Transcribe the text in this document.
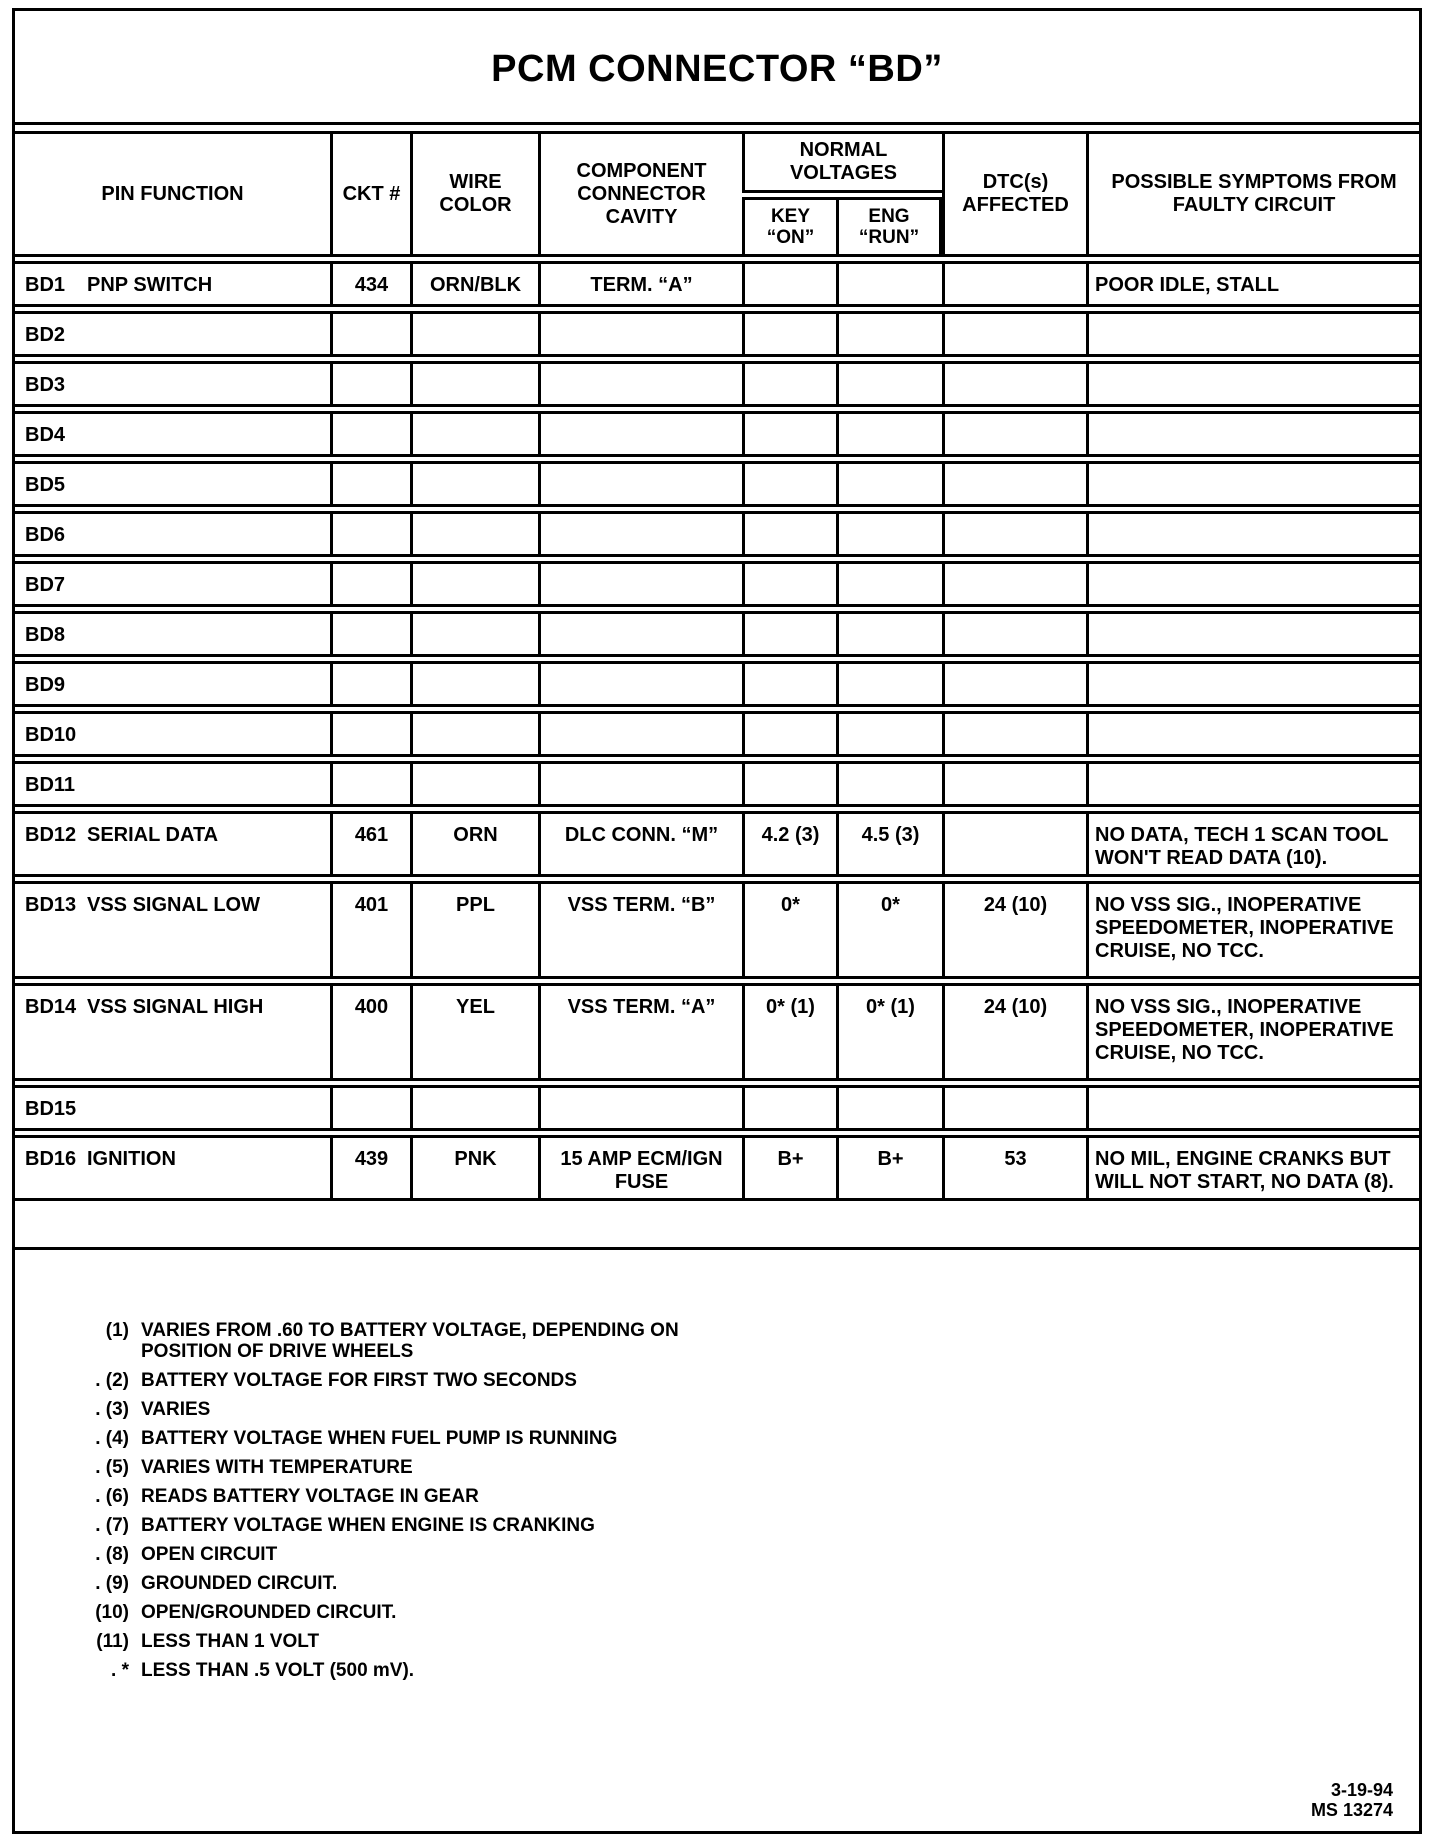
PCM CONNECTOR “BD”
PIN FUNCTION	CKT #	WIRE COLOR	COMPONENT CONNECTOR CAVITY	NORMAL VOLTAGES		DTC(s) AFFECTED	POSSIBLE SYMPTOMS FROM FAULTY CIRCUIT
				KEY “ON”	ENG “RUN”		
BD1 PNP SWITCH	434	ORN/BLK	TERM. “A”				POOR IDLE, STALL
BD2							
BD3							
BD4							
BD5							
BD6							
BD7							
BD8							
BD9							
BD10							
BD11							
BD12 SERIAL DATA	461	ORN	DLC CONN. “M”	4.2 (3)	4.5 (3)		NO DATA, TECH 1 SCAN TOOL WON'T READ DATA (10).
BD13 VSS SIGNAL LOW	401	PPL	VSS TERM. “B”	0*	0*	24 (10)	NO VSS SIG., INOPERATIVE SPEEDOMETER, INOPERATIVE CRUISE, NO TCC.
BD14 VSS SIGNAL HIGH	400	YEL	VSS TERM. “A”	0* (1)	0* (1)	24 (10)	NO VSS SIG., INOPERATIVE SPEEDOMETER, INOPERATIVE CRUISE, NO TCC.
BD15							
BD16 IGNITION	439	PNK	15 AMP ECM/IGN FUSE	B+	B+	53	NO MIL, ENGINE CRANKS BUT WILL NOT START, NO DATA (8).
(1) VARIES FROM .60 TO BATTERY VOLTAGE, DEPENDING ON POSITION OF DRIVE WHEELS
. (2) BATTERY VOLTAGE FOR FIRST TWO SECONDS
. (3) VARIES
. (4) BATTERY VOLTAGE WHEN FUEL PUMP IS RUNNING
. (5) VARIES WITH TEMPERATURE
. (6) READS BATTERY VOLTAGE IN GEAR
. (7) BATTERY VOLTAGE WHEN ENGINE IS CRANKING
. (8) OPEN CIRCUIT
. (9) GROUNDED CIRCUIT.
(10) OPEN/GROUNDED CIRCUIT.
(11) LESS THAN 1 VOLT
. * LESS THAN .5 VOLT (500 mV).
3-19-94
MS 13274
